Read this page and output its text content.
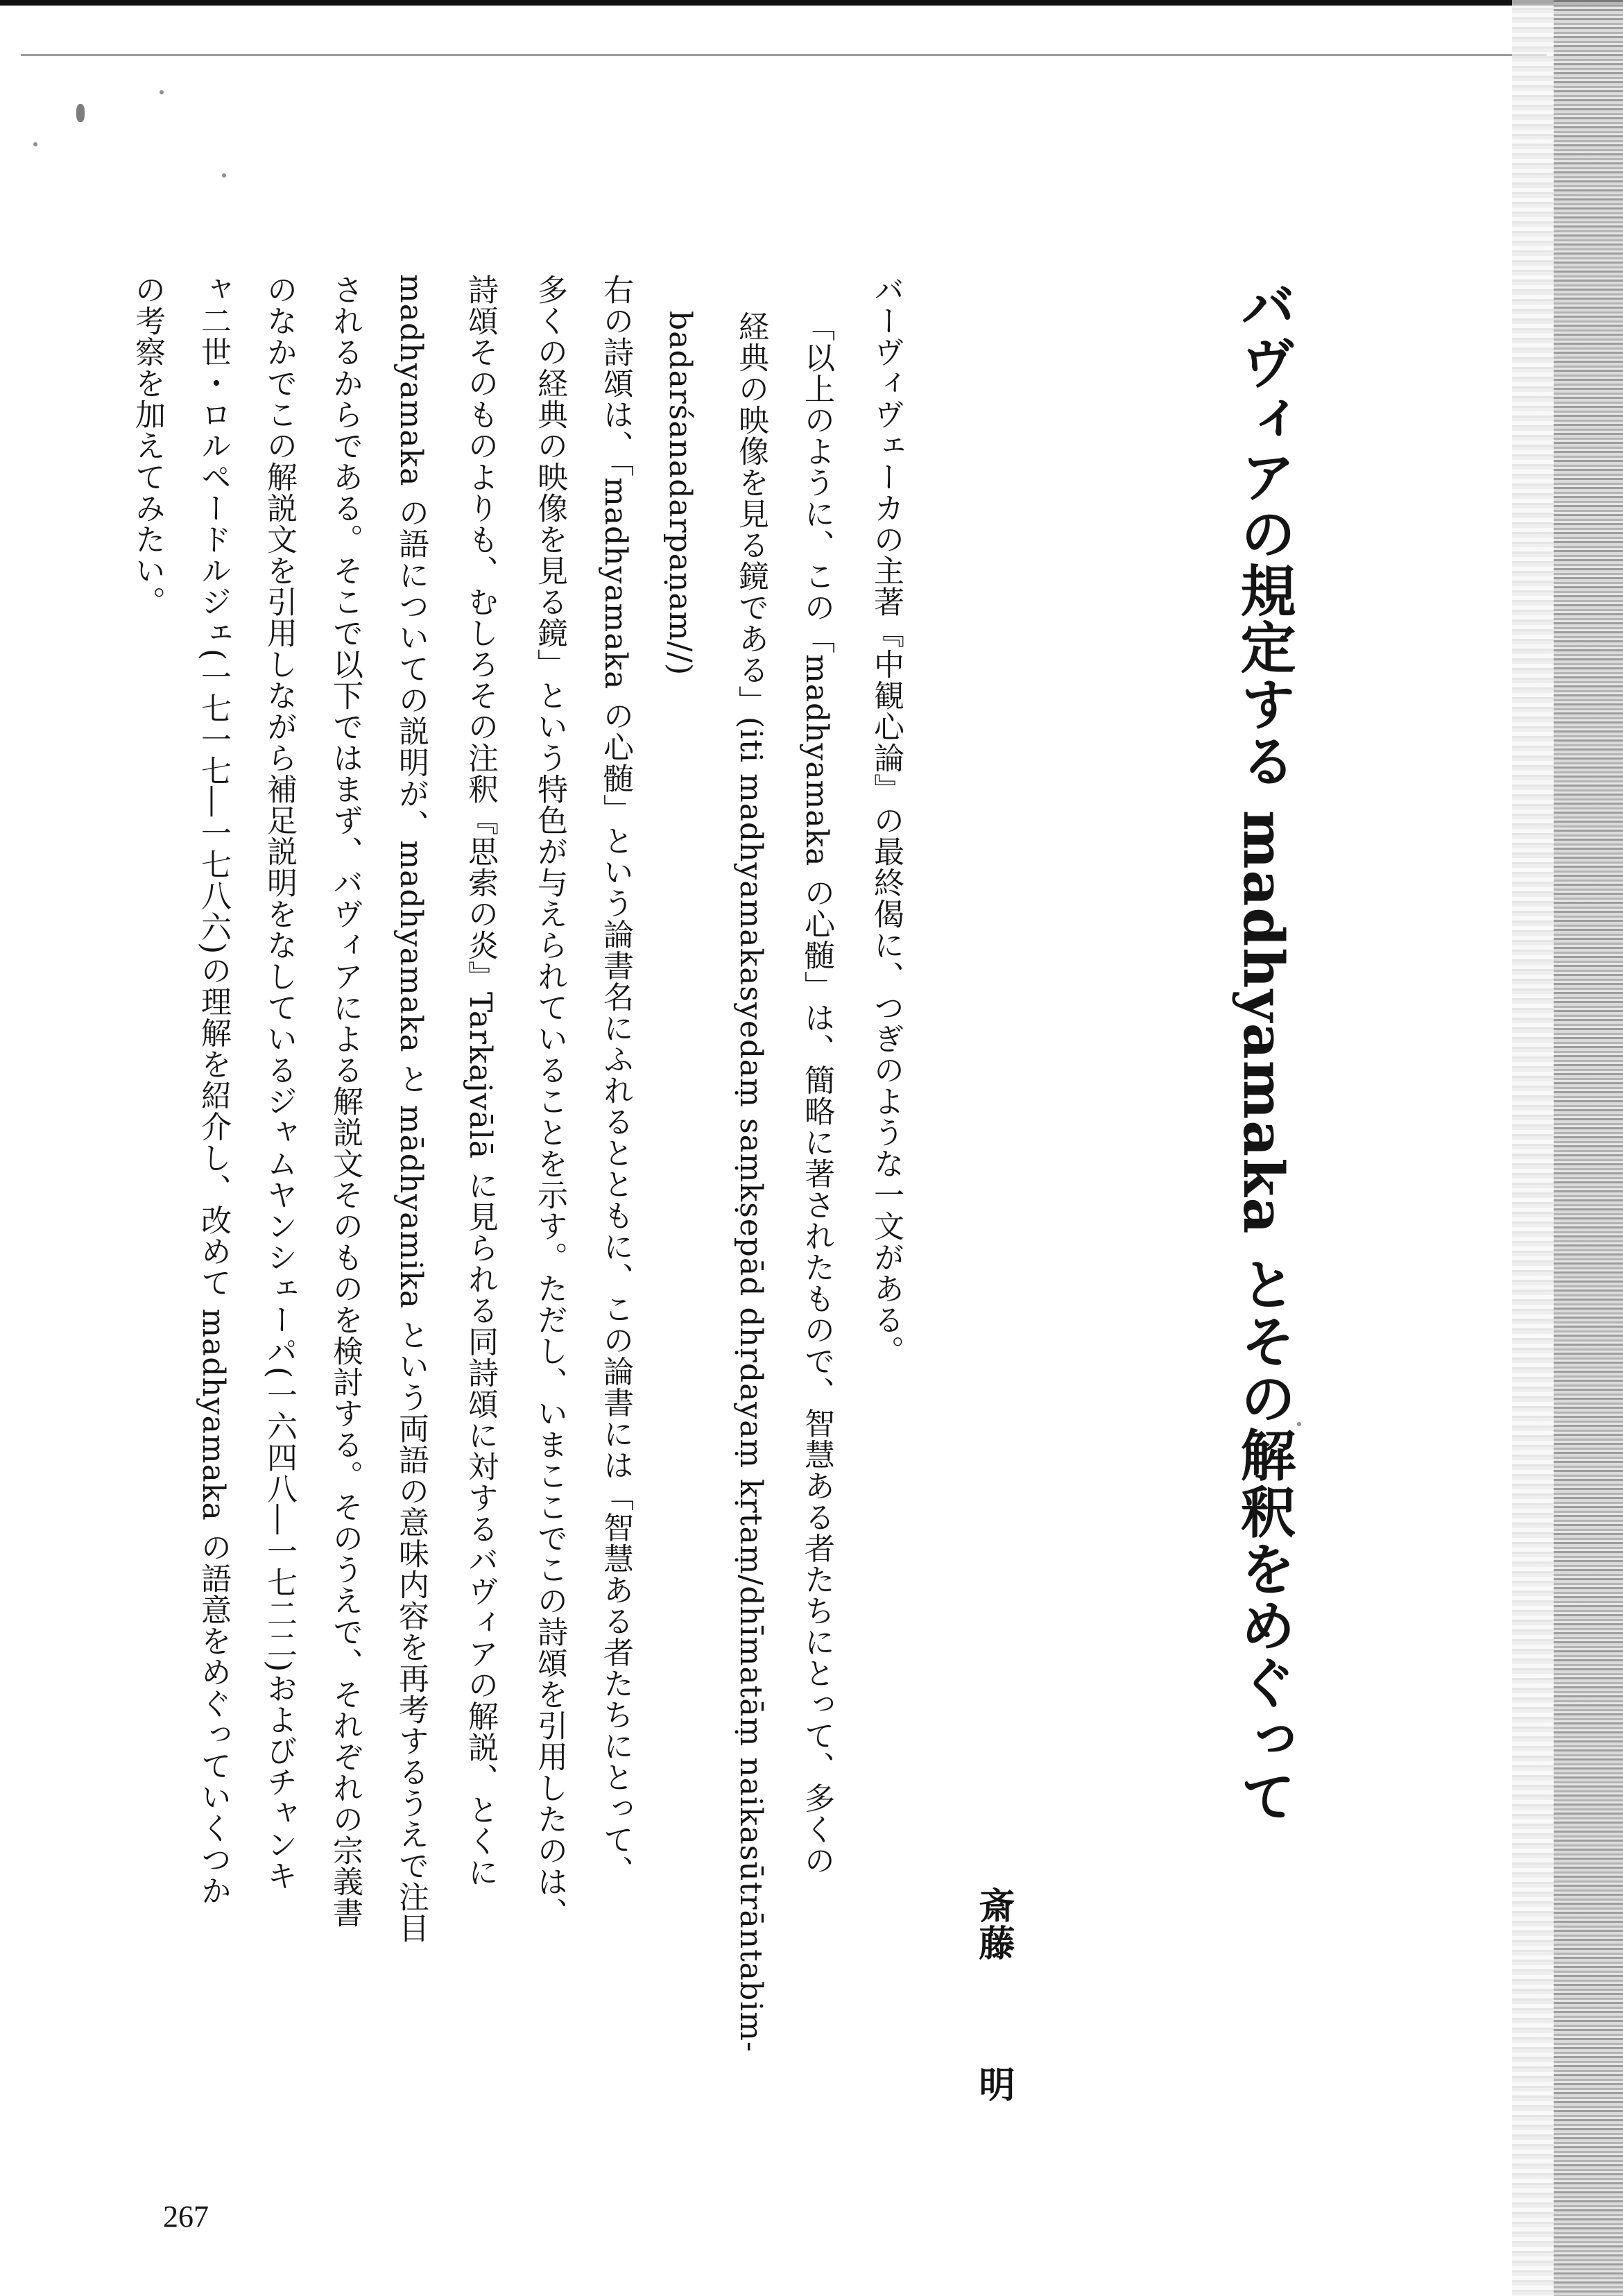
バヴィアの規定する madhyamaka とその解釈をめぐって
斎藤明
バーヴィヴェーカの主著『中観心論』の最終偈に、つぎのような一文がある。
「以上のように、この「madhyamaka の心髄」は、簡略に著されたもので、智慧ある者たちにとって、多くの
経典の映像を見る鏡である」(iti madhyamakasyedaṃ saṃkṣepād dhṛdayaṃ kṛtaṃ/dhīmatāṃ naikasūtrāntabim-
badarśanadarpaṇam//)
右の詩頌は、「madhyamaka の心髄」という論書名にふれるとともに、この論書には「智慧ある者たちにとって、
多くの経典の映像を見る鏡」という特色が与えられていることを示す。ただし、いまここでこの詩頌を引用したのは、
詩頌そのものよりも、むしろその注釈『思索の炎』Tarkajvālā に見られる同詩頌に対するバヴィアの解説、とくに
madhyamaka の語についての説明が、madhyamaka と mādhyamika という両語の意味内容を再考するうえで注目
されるからである。そこで以下ではまず、バヴィアによる解説文そのものを検討する。そのうえで、それぞれの宗義書
のなかでこの解説文を引用しながら補足説明をなしているジャムヤンシェーパ(一六四八―一七二二)およびチャンキ
ャ二世・ロルペードルジェ(一七一七―一七八六)の理解を紹介し、改めて madhyamaka の語意をめぐっていくつか
の考察を加えてみたい。
267
